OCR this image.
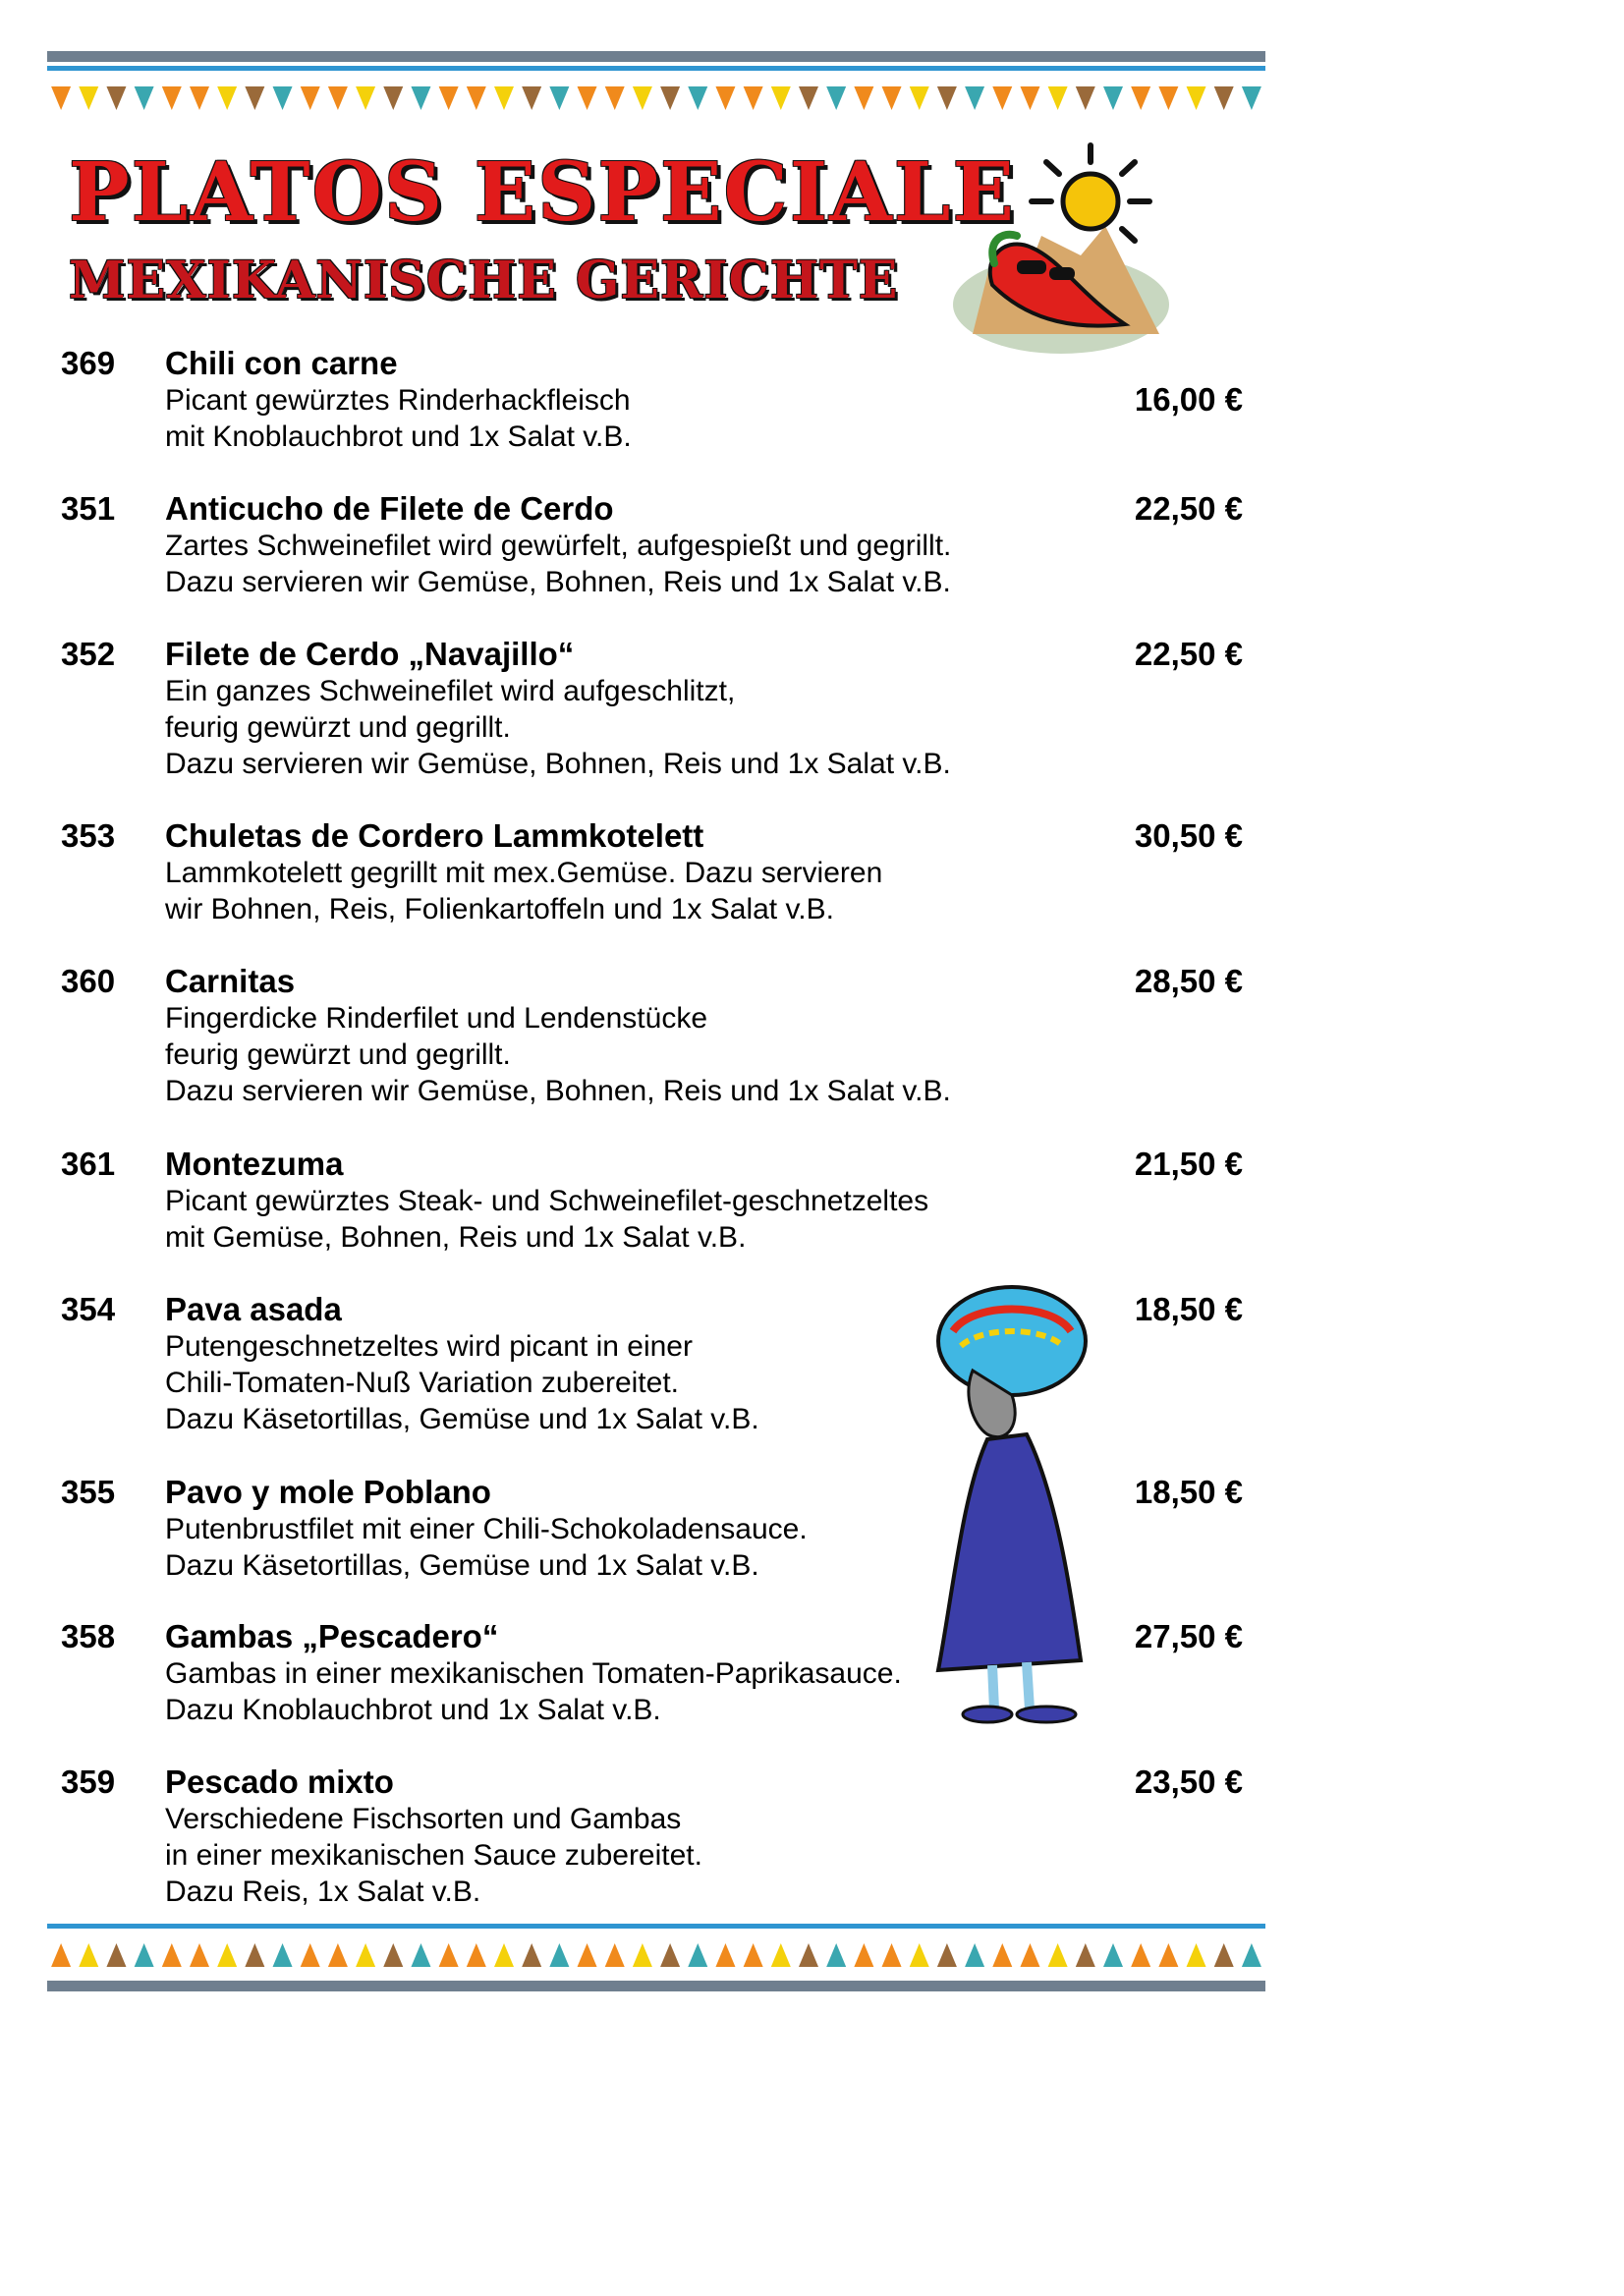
PLATOS ESPECIALE
MEXIKANISCHE GERICHTE
369 Chili con carne
Picant gewürztes Rinderhackfleisch
mit Knoblauchbrot und 1x Salat v.B.
16,00 €
351 Anticucho de Filete de Cerdo
Zartes Schweinefilet wird gewürfelt, aufgespießt und gegrillt.
Dazu servieren wir Gemüse, Bohnen, Reis und 1x Salat v.B.
22,50 €
352 Filete de Cerdo „Navajillo“
Ein ganzes Schweinefilet wird aufgeschlitzt,
feurig gewürzt und gegrillt.
Dazu servieren wir Gemüse, Bohnen, Reis und 1x Salat v.B.
22,50 €
353 Chuletas de Cordero Lammkotelett
Lammkotelett gegrillt mit mex.Gemüse. Dazu servieren
wir Bohnen, Reis, Folienkartoffeln und 1x Salat v.B.
30,50 €
360 Carnitas
Fingerdicke Rinderfilet und Lendenstücke
feurig gewürzt und gegrillt.
Dazu servieren wir Gemüse, Bohnen, Reis und 1x Salat v.B.
28,50 €
361 Montezuma
Picant gewürztes Steak- und Schweinefilet-geschnetzeltes
mit Gemüse, Bohnen, Reis und 1x Salat v.B.
21,50 €
354 Pava asada
Putengeschnetzeltes wird picant in einer
Chili-Tomaten-Nuß Variation zubereitet.
Dazu Käsetortillas, Gemüse und 1x Salat v.B.
18,50 €
355 Pavo y mole Poblano
Putenbrustfilet mit einer Chili-Schokoladensauce.
Dazu Käsetortillas, Gemüse und 1x Salat v.B.
18,50 €
358 Gambas „Pescadero“
Gambas in einer mexikanischen Tomaten-Paprikasauce.
Dazu Knoblauchbrot und 1x Salat v.B.
27,50 €
359 Pescado mixto
Verschiedene Fischsorten und Gambas
in einer mexikanischen Sauce zubereitet.
Dazu Reis, 1x Salat v.B.
23,50 €
